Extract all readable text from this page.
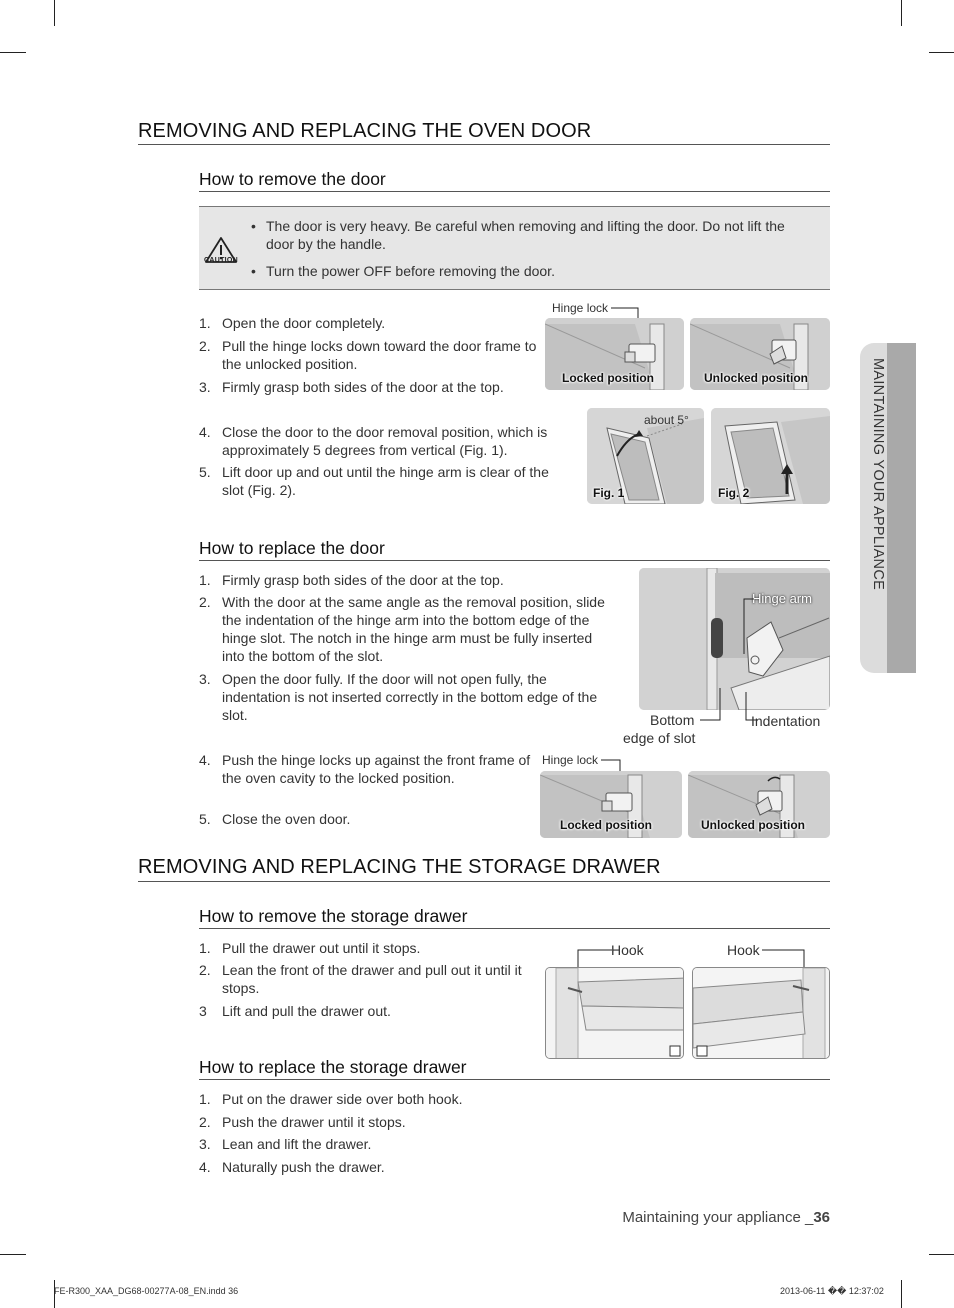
REMOVING AND REPLACING THE OVEN DOOR
How to remove the door
CAUTION
• The door is very heavy. Be careful when removing and lifting the door. Do not lift the door by the handle.
• Turn the power OFF before removing the door.
1. Open the door completely.
2. Pull the hinge locks down toward the door frame to the unlocked position.
3. Firmly grasp both sides of the door at the top.
4. Close the door to the door removal position, which is approximately 5 degrees from vertical (Fig. 1).
5. Lift door up and out until the hinge arm is clear of the slot (Fig. 2).
Hinge lock
Locked position	Unlocked position
about 5°
Fig. 1	Fig. 2
How to replace the door
1. Firmly grasp both sides of the door at the top.
2. With the door at the same angle as the removal position, slide the indentation of the hinge arm into the bottom edge of the hinge slot. The notch in the hinge arm must be fully inserted into the bottom of the slot.
3. Open the door fully. If the door will not open fully, the indentation is not inserted correctly in the bottom edge of the slot.
4. Push the hinge locks up against the front frame of the oven cavity to the locked position.
5. Close the oven door.
Hinge arm
Bottom
edge of slot
Indentation
Hinge lock
Locked position	Unlocked position
REMOVING AND REPLACING THE STORAGE DRAWER
How to remove the storage drawer
1. Pull the drawer out until it stops.
2. Lean the front of the drawer and pull out it until it stops.
3	Lift and pull the drawer out.
Hook	Hook
How to replace the storage drawer
1. Put on the drawer side over both hook.
2. Push the drawer until it stops.
3. Lean and lift the drawer.
4. Naturally push the drawer.
MAINTAINING YOUR APPLIANCE
Maintaining your appliance _36
FE-R300_XAA_DG68-00277A-08_EN.indd 36	2013-06-11 �� 12:37:02
